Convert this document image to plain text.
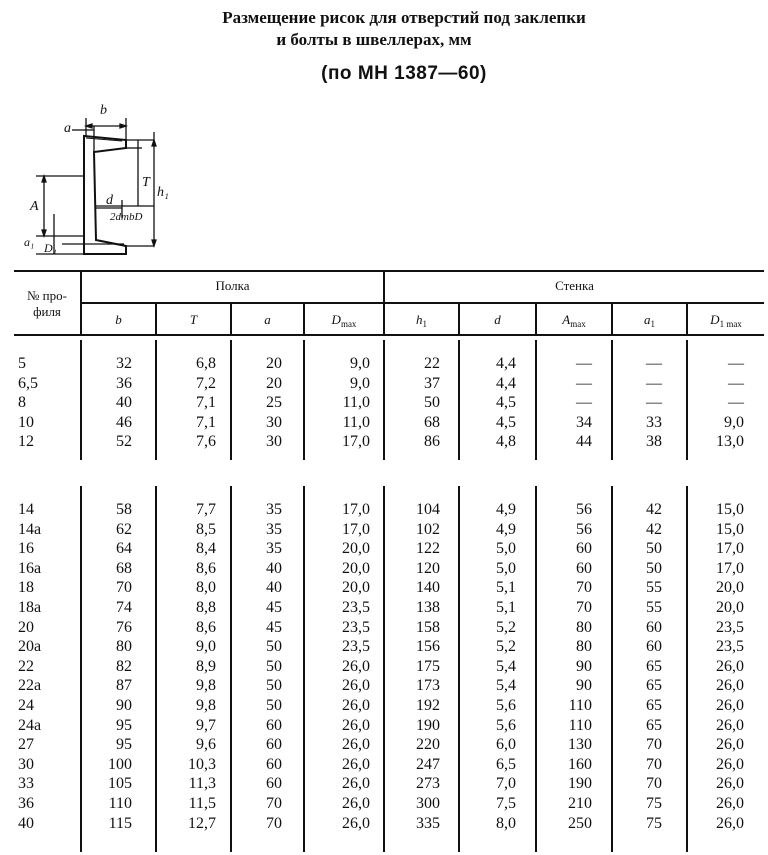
Размещение рисок для отверстий под заклепки
и болты в швеллерах, мм
(по МН 1387—60)
b
a
T
h₁
A	d
2dmbD
a₁ D₁
№ про-
филя
Полка	Стенка
b	T	a	$D_{max}$	$h_1$	d	$A_{max}$	$a_1$	$D_{1 max}$
5	32	6,8	20	9,0	22	4,4	—	—	—
6,5	36	7,2	20	9,0	37	4,4	—	—	—
8	40	7,1	25	11,0	50	4,5	—	—	—
10	46	7,1	30	11,0	68	4,5	34	33	9,0
12	52	7,6	30	17,0	86	4,8	44	38	13,0
14	58	7,7	35	17,0	104	4,9	56	42	15,0
14а	62	8,5	35	17,0	102	4,9	56	42	15,0
16	64	8,4	35	20,0	122	5,0	60	50	17,0
16а	68	8,6	40	20,0	120	5,0	60	50	17,0
18	70	8,0	40	20,0	140	5,1	70	55	20,0
18а	74	8,8	45	23,5	138	5,1	70	55	20,0
20	76	8,6	45	23,5	158	5,2	80	60	23,5
20а	80	9,0	50	23,5	156	5,2	80	60	23,5
22	82	8,9	50	26,0	175	5,4	90	65	26,0
22а	87	9,8	50	26,0	173	5,4	90	65	26,0
24	90	9,8	50	26,0	192	5,6	110	65	26,0
24а	95	9,7	60	26,0	190	5,6	110	65	26,0
27	95	9,6	60	26,0	220	6,0	130	70	26,0
30	100	10,3	60	26,0	247	6,5	160	70	26,0
33	105	11,3	60	26,0	273	7,0	190	70	26,0
36	110	11,5	70	26,0	300	7,5	210	75	26,0
40	115	12,7	70	26,0	335	8,0	250	75	26,0
